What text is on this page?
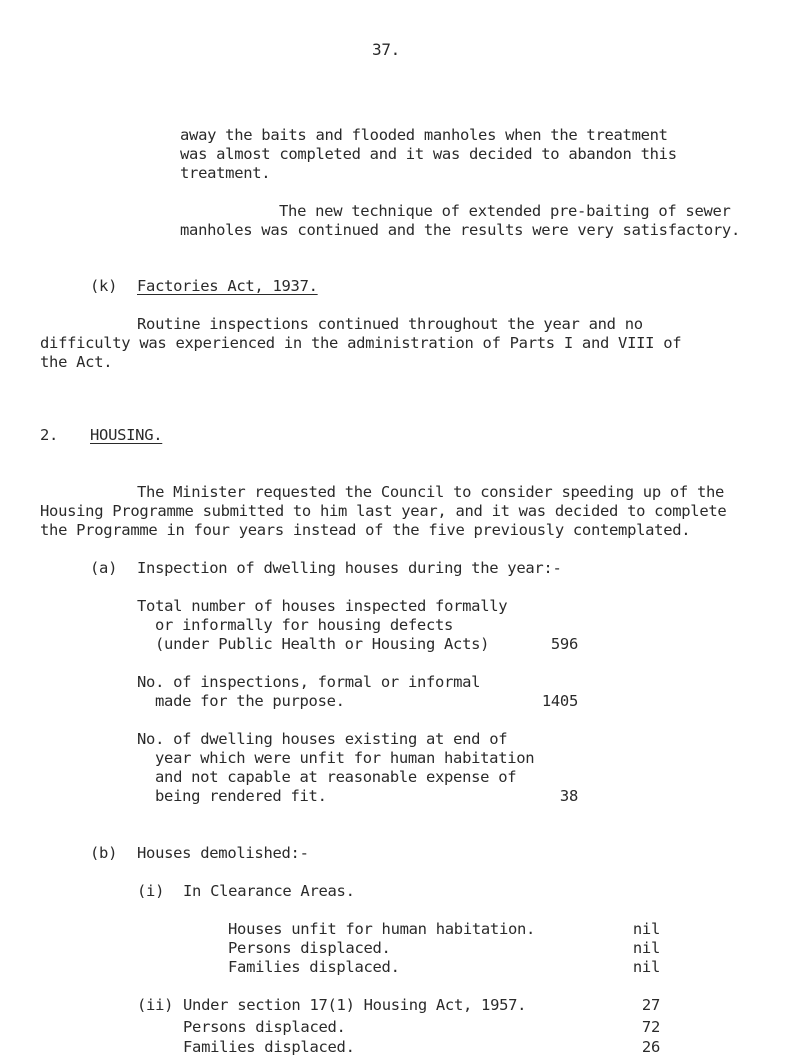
37.
away the baits and flooded manholes when the treatment
was almost completed and it was decided to abandon this
treatment.
The new technique of extended pre-baiting of sewer
manholes was continued and the results were very satisfactory.
(k) Factories Act, 1937.
Routine inspections continued throughout the year and no
difficulty was experienced in the administration of Parts I and VIII of
the Act.
2. HOUSING.
The Minister requested the Council to consider speeding up of the
Housing Programme submitted to him last year, and it was decided to complete
the Programme in four years instead of the five previously contemplated.
(a) Inspection of dwelling houses during the year:-
Total number of houses inspected formally
or informally for housing defects
(under Public Health or Housing Acts)	596
No. of inspections, formal or informal
made for the purpose.	1405
No. of dwelling houses existing at end of
year which were unfit for human habitation
and not capable at reasonable expense of
being rendered fit.	38
(b) Houses demolished:-
(i) In Clearance Areas.
Houses unfit for human habitation.	nil
Persons displaced.	nil
Families displaced.	nil
(ii) Under section 17(1) Housing Act, 1957.	27
Persons displaced.	72
Families displaced.	26
